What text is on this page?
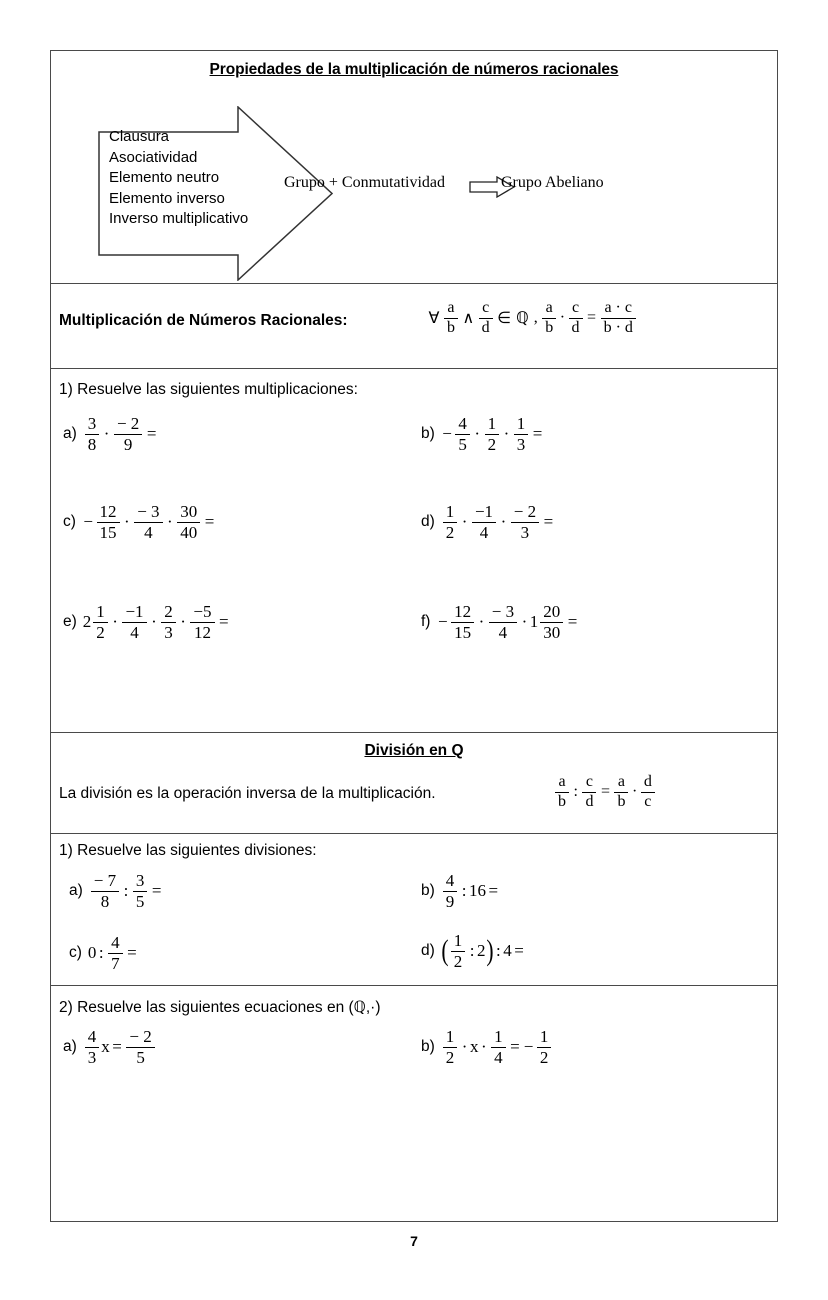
Propiedades de la multiplicación de números racionales
Clausura
Asociatividad
Elemento neutro
Elemento inverso
Inverso multiplicativo
Grupo + Conmutatividad	Grupo Abeliano
Multiplicación de Números Racionales:	∀ $\frac{a}{b}$ ∧ $\frac{c}{d}$ ∈ ℚ , $\frac{a}{b} \cdot \frac{c}{d} = \frac{a \cdot c}{b \cdot d}$
1) Resuelve las siguientes multiplicaciones:
$a) \frac{3}{8} \cdot \frac{- 2}{9}$ =	$b) - \frac{4}{5} \cdot \frac{1}{2} \cdot \frac{1}{3}$ =
$c) - \frac{12}{15} \cdot \frac{- 3}{4} \cdot \frac{30}{40}$ =	$d) \frac{1}{2} \cdot \frac{-1}{4} \cdot \frac{- 2}{3}$ =
e) $2 \frac{1}{2} \cdot \frac{-1}{4} \cdot \frac{2}{3} \cdot \frac{-5}{12}$ =	$f) - \frac{12}{15} \cdot \frac{- 3}{4} \cdot 1 \frac{20}{30}$ =
División en Q
La división es la operación inversa de la multiplicación.	$\frac{a}{b}$ : $\frac{c}{d} = \frac{a}{b} \cdot \frac{d}{c}$
1) Resuelve las siguientes divisiones:
$a) \frac{- 7}{8}$ : $\frac{3}{5}$ =	$b) \frac{4}{9}$ : 16 =
c) 0 : $\frac{4}{7}$ =	d) ( $\frac{1}{2}$ : 2 ) : 4 =
2) Resuelve las siguientes ecuaciones en (ℚ,·)
$a) \frac{4}{3}$ $x = \frac{- 2}{5}$	$b) \frac{1}{2} \cdot x \cdot \frac{1}{4}$ = − $\frac{1}{2}$
7
